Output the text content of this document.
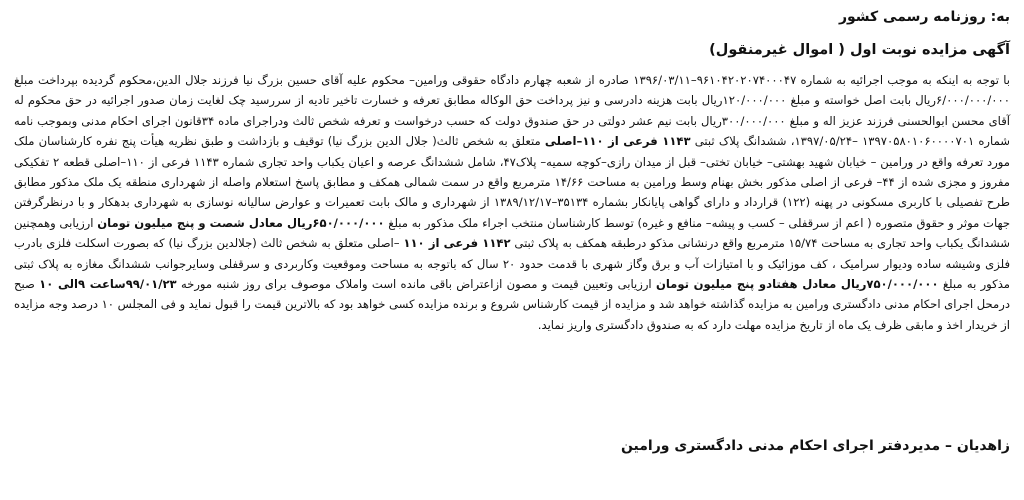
به: روزنامه رسمی کشور
آگهی مزایده نوبت اول ( اموال غیرمنقول)

با توجه به اینکه به موجب اجرائیه به شماره ۹۶۱۰۴۲۰۲۰۷۴۰۰۰۴۷–۱۳۹۶/۰۳/۱۱ صادره از شعبه چهارم دادگاه حقوقی ورامین– محکوم علیه آقای حسین بزرگ نیا فرزند جلال الدین،محکوم گردیده بپرداخت مبلغ ۶/۰۰۰/۰۰۰/۰۰۰ریال بابت اصل خواسته و مبلغ ۱۲۰/۰۰۰/۰۰۰ریال بابت هزینه دادرسی و نیز پرداخت حق الوکاله مطابق تعرفه و خسارت تاخیر تادیه از سررسید چک لغایت زمان صدور اجرائیه در حق محکوم له آقای محسن ابوالحسنی فرزند عزیز اله و مبلغ ۳۰۰/۰۰۰/۰۰۰ریال بابت نیم عشر دولتی در حق صندوق دولت که حسب درخواست و تعرفه شخص ثالث ودراجرای ماده ۳۴قانون اجرای احکام مدنی وبموجب نامه شماره ۱۳۹۷۰۵۸۰۱۰۶۰۰۰۰۷۰۱ –۱۳۹۷/۰۵/۲۴، ششدانگ پلاک ثبتی ۱۱۴۳ فرعی از ۱۱۰–اصلی متعلق به شخص ثالث( جلال الدین بزرگ نیا) توقیف و بازداشت و طبق نظریه هیأت پنج نفره کارشناسان ملک مورد تعرفه واقع در ورامین – خیابان شهید بهشتی– خیابان تختی– قبل از میدان رازی–کوچه سمیه– پلاک۴۷، شامل ششدانگ عرصه و اعیان یکباب واحد تجاری شماره ۱۱۴۳ فرعی از ۱۱۰–اصلی قطعه ۲ تفکیکی مفروز و مجزی شده از ۴۴– فرعی از اصلی مذکور بخش بهنام وسط ورامین به مساحت ۱۴/۶۶ مترمربع واقع در سمت شمالی همکف و مطابق پاسخ استعلام واصله از شهرداری منطقه یک ملک مذکور مطابق طرح تفصیلی با کاربری مسکونی در پهنه (۱۲۲) قرارداد و دارای گواهی پایانکار بشماره ۳۵۱۳۴–۱۳۸۹/۱۲/۱۷ از شهرداری و مالک بابت تعمیرات و عوارض سالیانه نوسازی به شهرداری بدهکار و با درنظرگرفتن جهات موثر و حقوق متصوره ( اعم از سرقفلی – کسب و پیشه– منافع و غیره) توسط کارشناسان منتخب اجراء ملک مذکور به مبلغ ۶۵۰/۰۰۰/۰۰۰ریال معادل شصت و پنج میلیون تومان ارزیابی وهمچنین ششدانگ یکباب واحد تجاری به مساحت ۱۵/۷۴ مترمربع واقع درنشانی مذکو درطبقه همکف به پلاک ثبتی ۱۱۴۲ فرعی از ۱۱۰ –اصلی متعلق به شخص ثالث (جلالدین بزرگ نیا) که بصورت اسکلت فلزی بادرب فلزی وشیشه ساده ودیوار سرامیک ، کف موزائیک و با امتیازات آب و برق وگاز شهری با قدمت حدود ۲۰ سال که باتوجه به مساحت وموقعیت وکاربردی و سرقفلی وسایرجوانب ششدانگ مغازه به پلاک ثبتی مذکور به مبلغ ۷۵۰/۰۰۰/۰۰۰ریال معادل هفتادو پنج میلیون تومان ارزیابی وتعیین قیمت و مصون ازاعتراض باقی مانده است واملاک موصوف برای روز شنبه مورخه ۹۹/۰۱/۲۳ساعت ۹الی ۱۰ صبح درمحل اجرای احکام مدنی دادگستری ورامین به مزایده گذاشته خواهد شد و مزایده از قیمت کارشناس شروع و برنده مزایده کسی خواهد بود که بالاترین قیمت را قبول نماید و فی المجلس ۱۰ درصد وجه مزایده از خریدار اخذ و مابقی ظرف یک ماه از تاریخ مزایده مهلت دارد که به صندوق دادگستری واریز نماید.

زاهدیان – مدیردفتر اجرای احکام مدنی دادگستری ورامین
